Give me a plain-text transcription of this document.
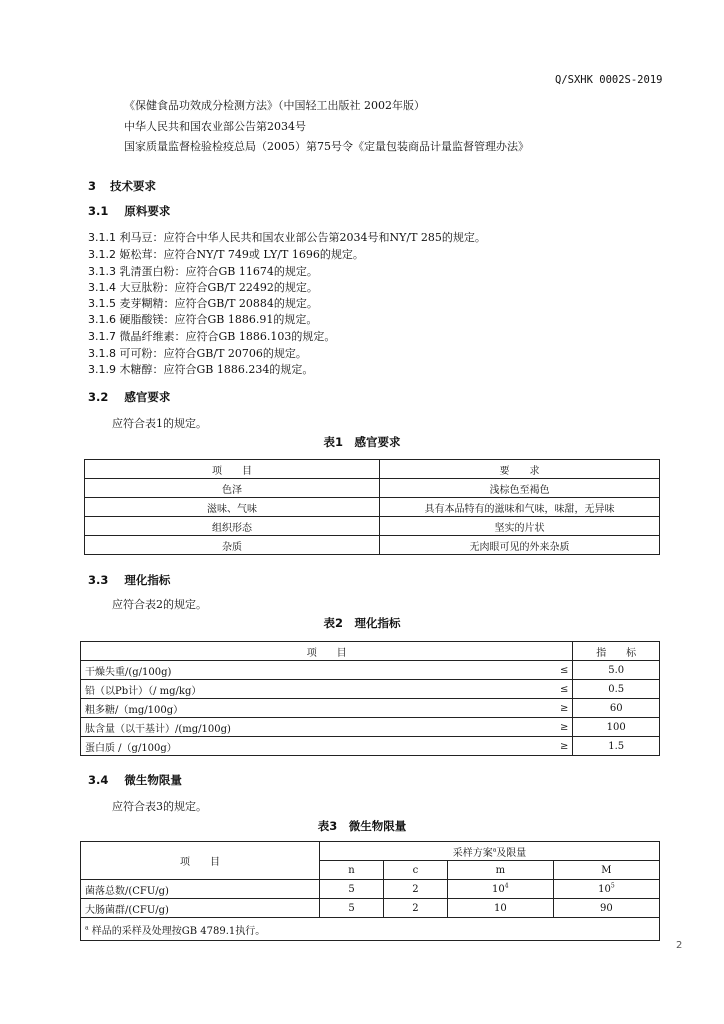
Q/SXHK 0002S-2019
《保健食品功效成分检测方法》（中国轻工出版社 2002年版）
中华人民共和国农业部公告第2034号
国家质量监督检验检疫总局（2005）第75号令《定量包装商品计量监督管理办法》
3 技术要求
3.1 原料要求
3.1.1 利马豆：应符合中华人民共和国农业部公告第2034号和NY/T 285的规定。
3.1.2 姬松茸：应符合NY/T 749或 LY/T 1696的规定。
3.1.3 乳清蛋白粉：应符合GB 11674的规定。
3.1.4 大豆肽粉：应符合GB/T 22492的规定。
3.1.5 麦芽糊精：应符合GB/T 20884的规定。
3.1.6 硬脂酸镁：应符合GB 1886.91的规定。
3.1.7 微晶纤维素：应符合GB 1886.103的规定。
3.1.8 可可粉：应符合GB/T 20706的规定。
3.1.9 木糖醇：应符合GB 1886.234的规定。
3.2 感官要求
应符合表1的规定。
表1　感官要求
项　　目	要　　求
色泽	浅棕色至褐色
滋味、气味	具有本品特有的滋味和气味，味甜，无异味
组织形态	坚实的片状
杂质	无肉眼可见的外来杂质
3.3 理化指标
应符合表2的规定。
表2　理化指标
项　　目		指　　标
干燥失重/(g/100g)	≤	5.0
铅（以Pb计）（/ mg/kg）	≤	0.5
粗多糖/（mg/100g）	≥	60
肽含量（以干基计）/(mg/100g)	≥	100
蛋白质 /（g/100g）	≥	1.5
3.4 微生物限量
应符合表3的规定。
表3　微生物限量
项　　目	采样方案$^a$及限量			
	n	c	m	M
菌落总数/(CFU/g)	5	2	$10^4$	$10^5$
大肠菌群/(CFU/g)	5	2	10	90
$^a$ 样品的采样及处理按GB 4789.1执行。				
2
